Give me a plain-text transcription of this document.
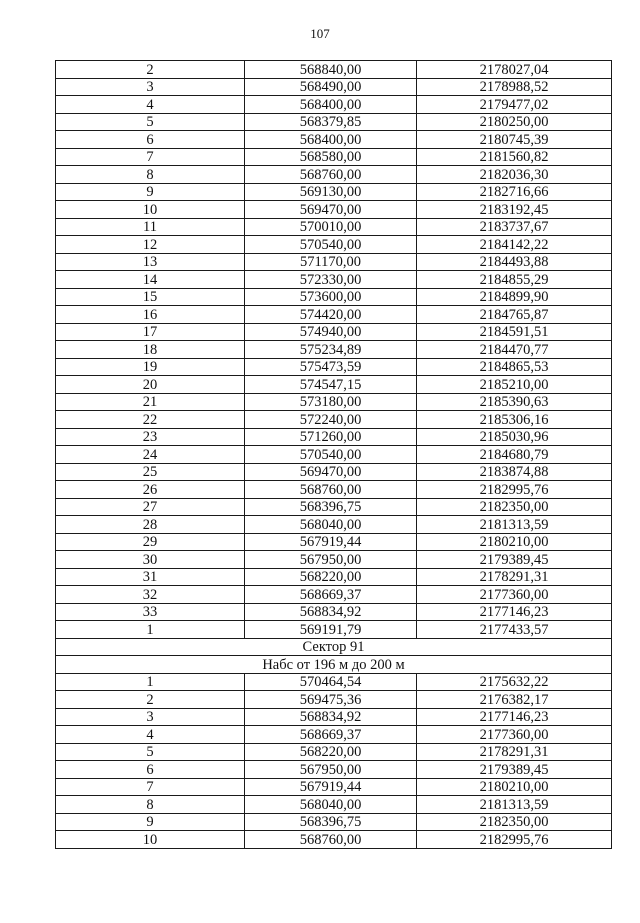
107
2	568840,00	2178027,04
3	568490,00	2178988,52
4	568400,00	2179477,02
5	568379,85	2180250,00
6	568400,00	2180745,39
7	568580,00	2181560,82
8	568760,00	2182036,30
9	569130,00	2182716,66
10	569470,00	2183192,45
11	570010,00	2183737,67
12	570540,00	2184142,22
13	571170,00	2184493,88
14	572330,00	2184855,29
15	573600,00	2184899,90
16	574420,00	2184765,87
17	574940,00	2184591,51
18	575234,89	2184470,77
19	575473,59	2184865,53
20	574547,15	2185210,00
21	573180,00	2185390,63
22	572240,00	2185306,16
23	571260,00	2185030,96
24	570540,00	2184680,79
25	569470,00	2183874,88
26	568760,00	2182995,76
27	568396,75	2182350,00
28	568040,00	2181313,59
29	567919,44	2180210,00
30	567950,00	2179389,45
31	568220,00	2178291,31
32	568669,37	2177360,00
33	568834,92	2177146,23
1	569191,79	2177433,57
Сектор 91		
Набс от 196 м до 200 м		
1	570464,54	2175632,22
2	569475,36	2176382,17
3	568834,92	2177146,23
4	568669,37	2177360,00
5	568220,00	2178291,31
6	567950,00	2179389,45
7	567919,44	2180210,00
8	568040,00	2181313,59
9	568396,75	2182350,00
10	568760,00	2182995,76
